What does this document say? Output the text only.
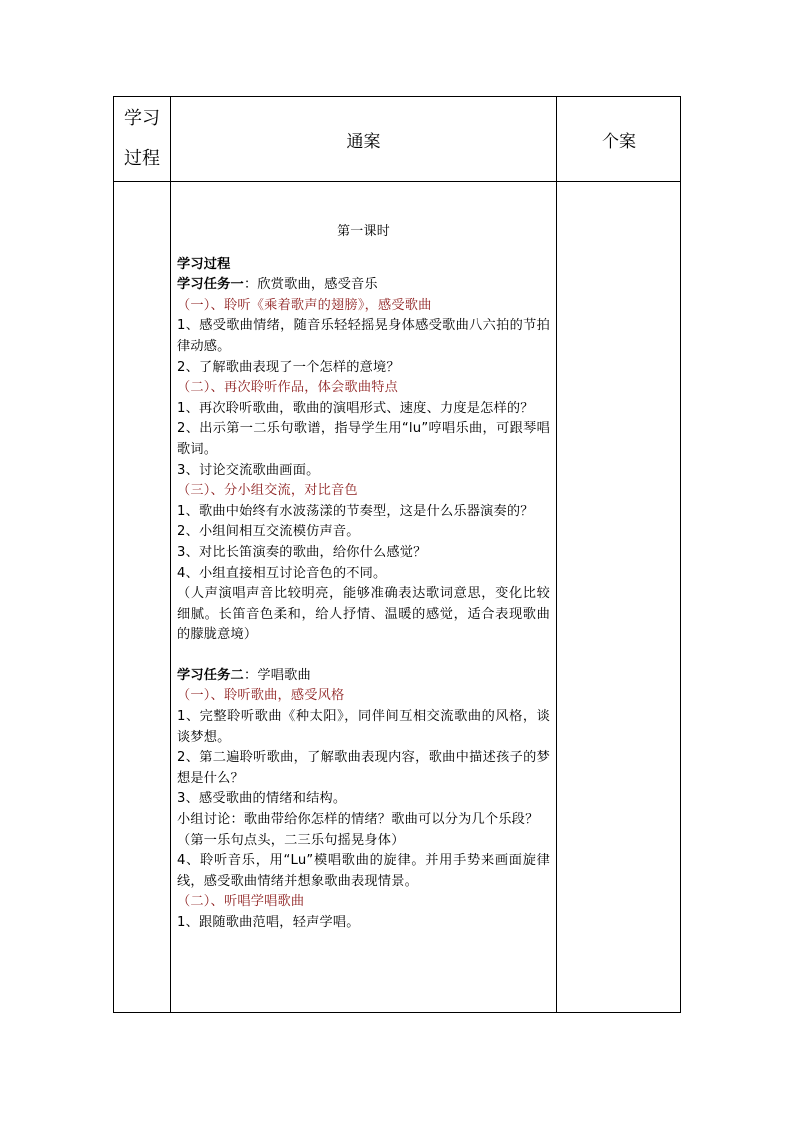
学习
过程
通案	个案
第一课时
学习过程
学习任务一：欣赏歌曲，感受音乐
（一）、聆听《乘着歌声的翅膀》，感受歌曲
1、感受歌曲情绪，随音乐轻轻摇晃身体感受歌曲八六拍的节拍律动感。
2、了解歌曲表现了一个怎样的意境？
（二）、再次聆听作品，体会歌曲特点
1、再次聆听歌曲，歌曲的演唱形式、速度、力度是怎样的？
2、出示第一二乐句歌谱，指导学生用“lu”哼唱乐曲，可跟琴唱歌词。
3、讨论交流歌曲画面。
（三）、分小组交流，对比音色
1、歌曲中始终有水波荡漾的节奏型，这是什么乐器演奏的？
2、小组间相互交流模仿声音。
3、对比长笛演奏的歌曲，给你什么感觉？
4、小组直接相互讨论音色的不同。
（人声演唱声音比较明亮，能够准确表达歌词意思，变化比较细腻。长笛音色柔和，给人抒情、温暖的感觉，适合表现歌曲的朦胧意境）
学习任务二：学唱歌曲
（一）、聆听歌曲，感受风格
1、完整聆听歌曲《种太阳》，同伴间互相交流歌曲的风格，谈谈梦想。
2、第二遍聆听歌曲，了解歌曲表现内容，歌曲中描述孩子的梦想是什么？
3、感受歌曲的情绪和结构。
小组讨论：歌曲带给你怎样的情绪？歌曲可以分为几个乐段？
（第一乐句点头，二三乐句摇晃身体）
4、聆听音乐，用“Lu”模唱歌曲的旋律。并用手势来画面旋律线，感受歌曲情绪并想象歌曲表现情景。
（二）、听唱学唱歌曲
1、跟随歌曲范唱，轻声学唱。
